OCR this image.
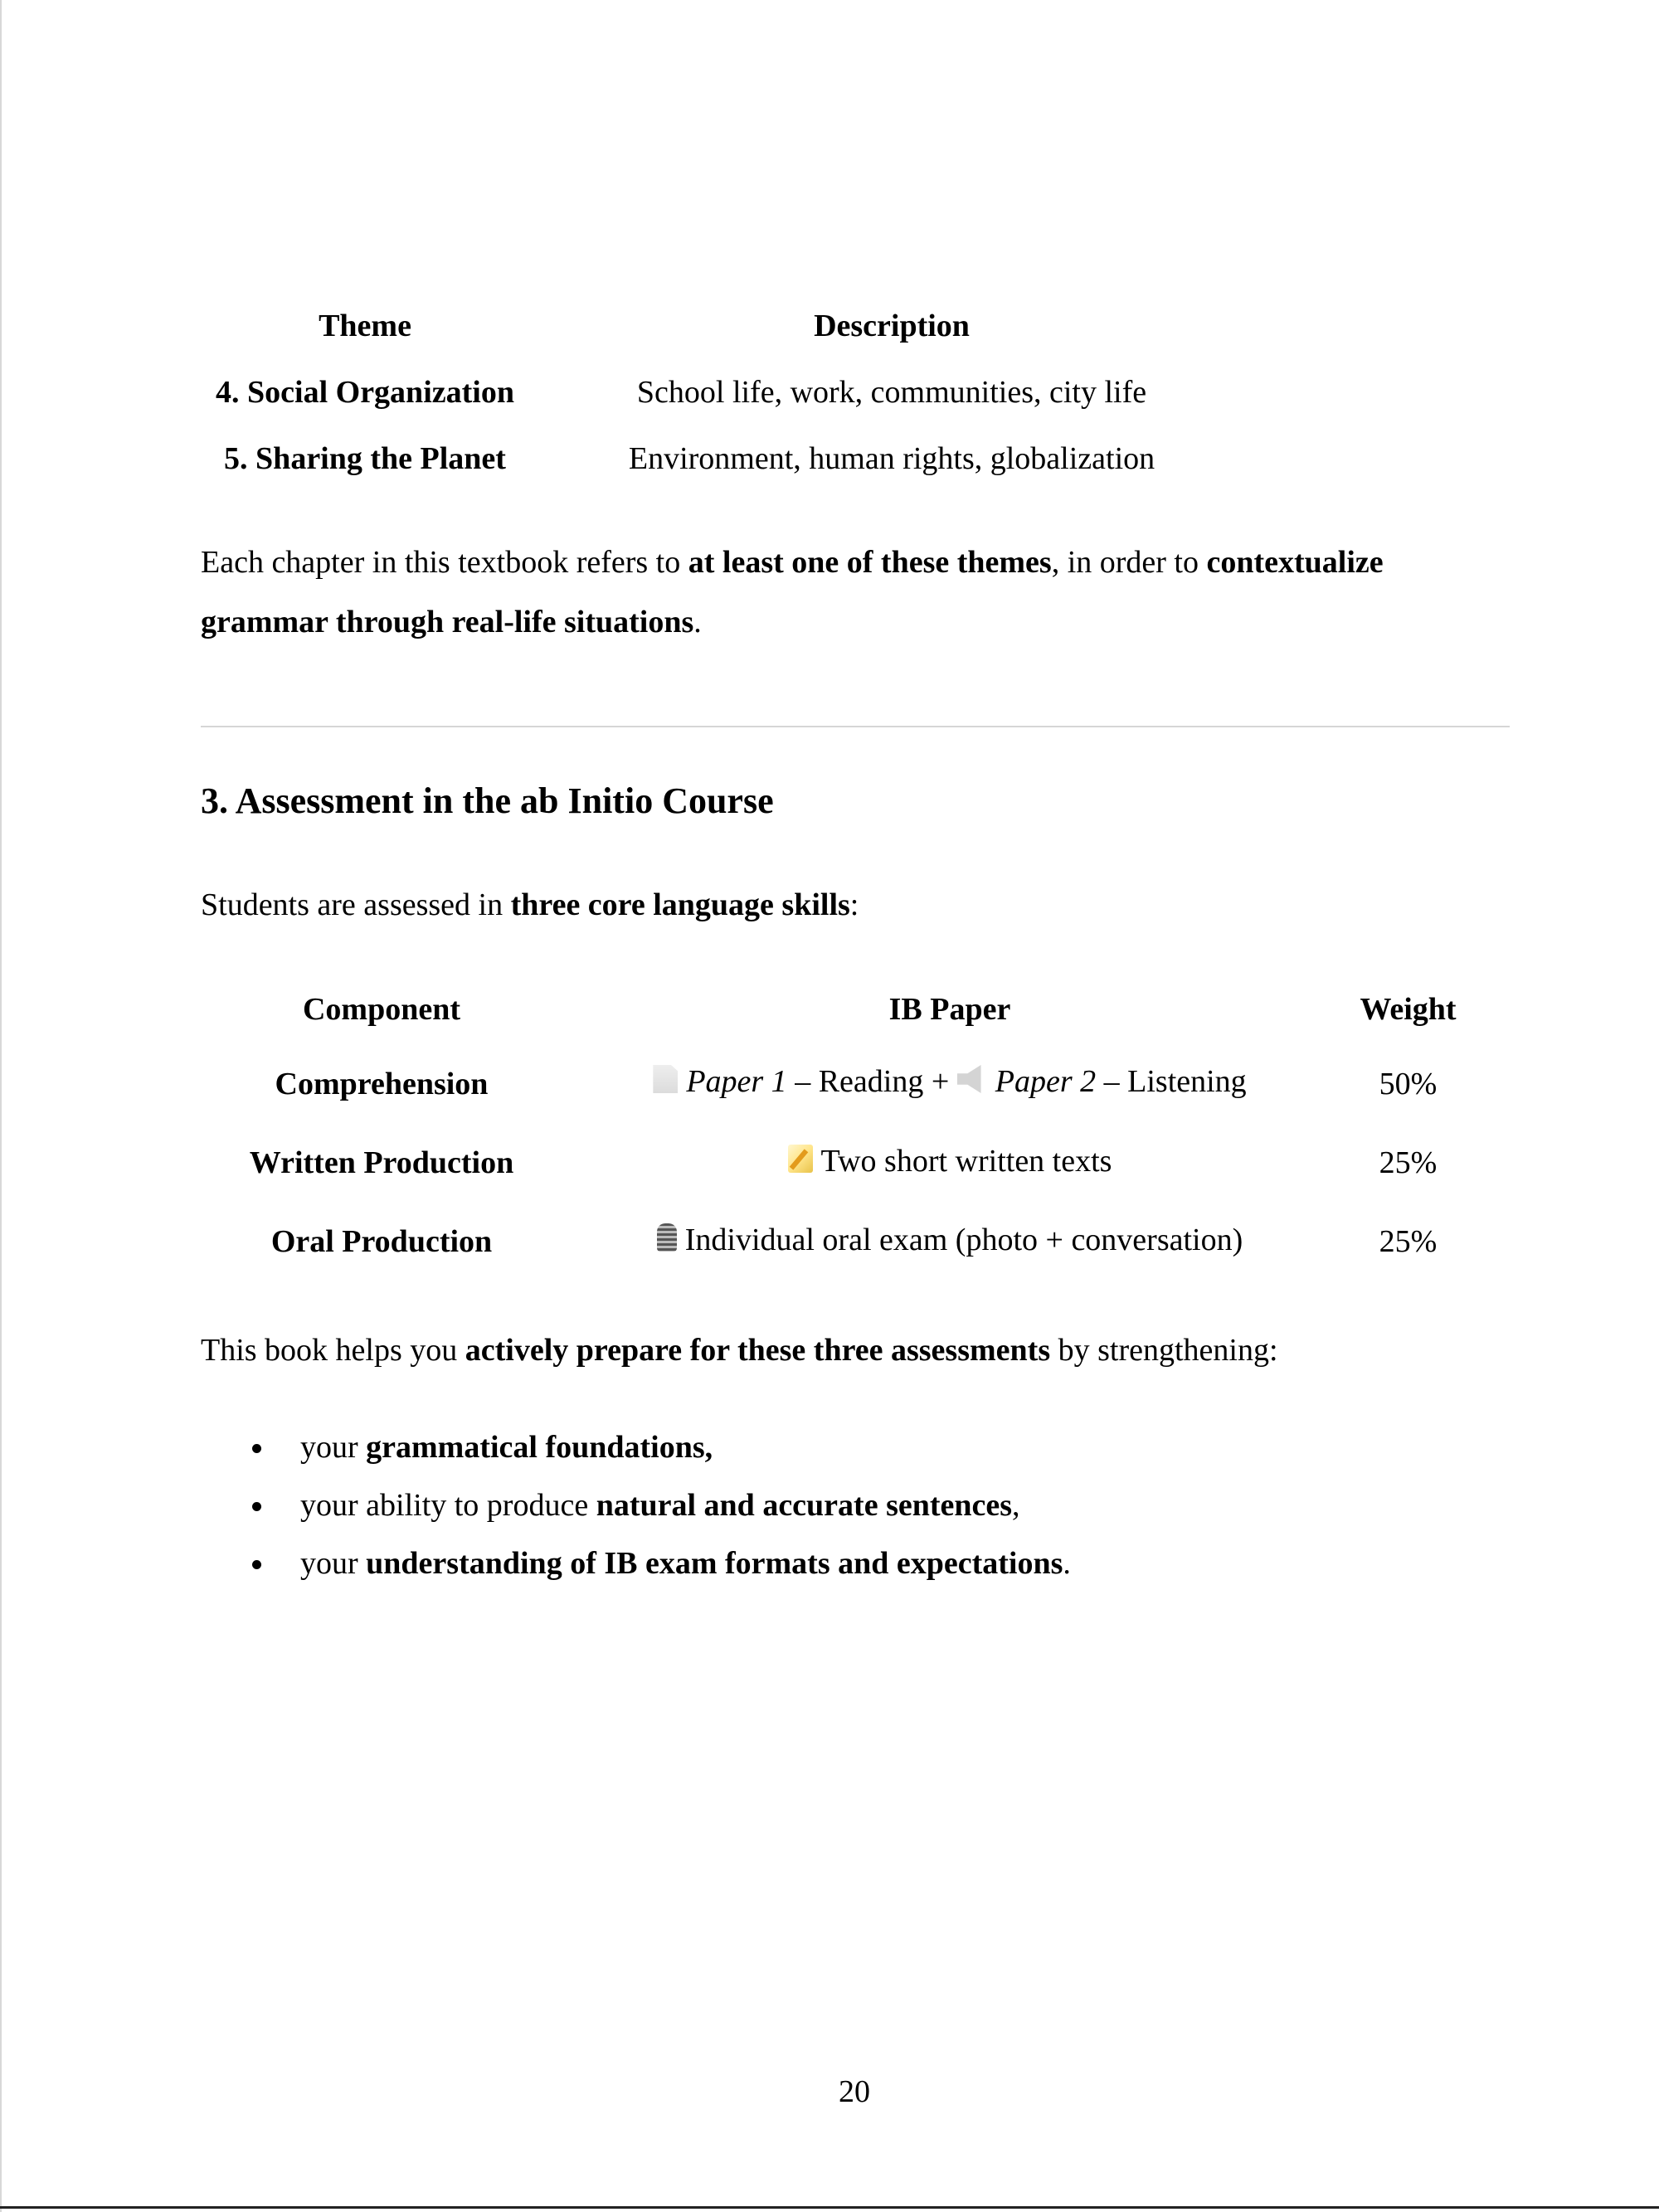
Theme	Description
4. Social Organization	School life, work, communities, city life
5. Sharing the Planet	Environment, human rights, globalization
Each chapter in this textbook refers to at least one of these themes, in order to contextualize
grammar through real-life situations.
3. Assessment in the ab Initio Course
Students are assessed in three core language skills:
Component	IB Paper	Weight
Comprehension	Paper 1 – Reading + Paper 2 – Listening	50%
Written Production	Two short written texts	25%
Oral Production	Individual oral exam (photo + conversation)	25%
This book helps you actively prepare for these three assessments by strengthening:
your grammatical foundations,
your ability to produce natural and accurate sentences,
your understanding of IB exam formats and expectations.
20
